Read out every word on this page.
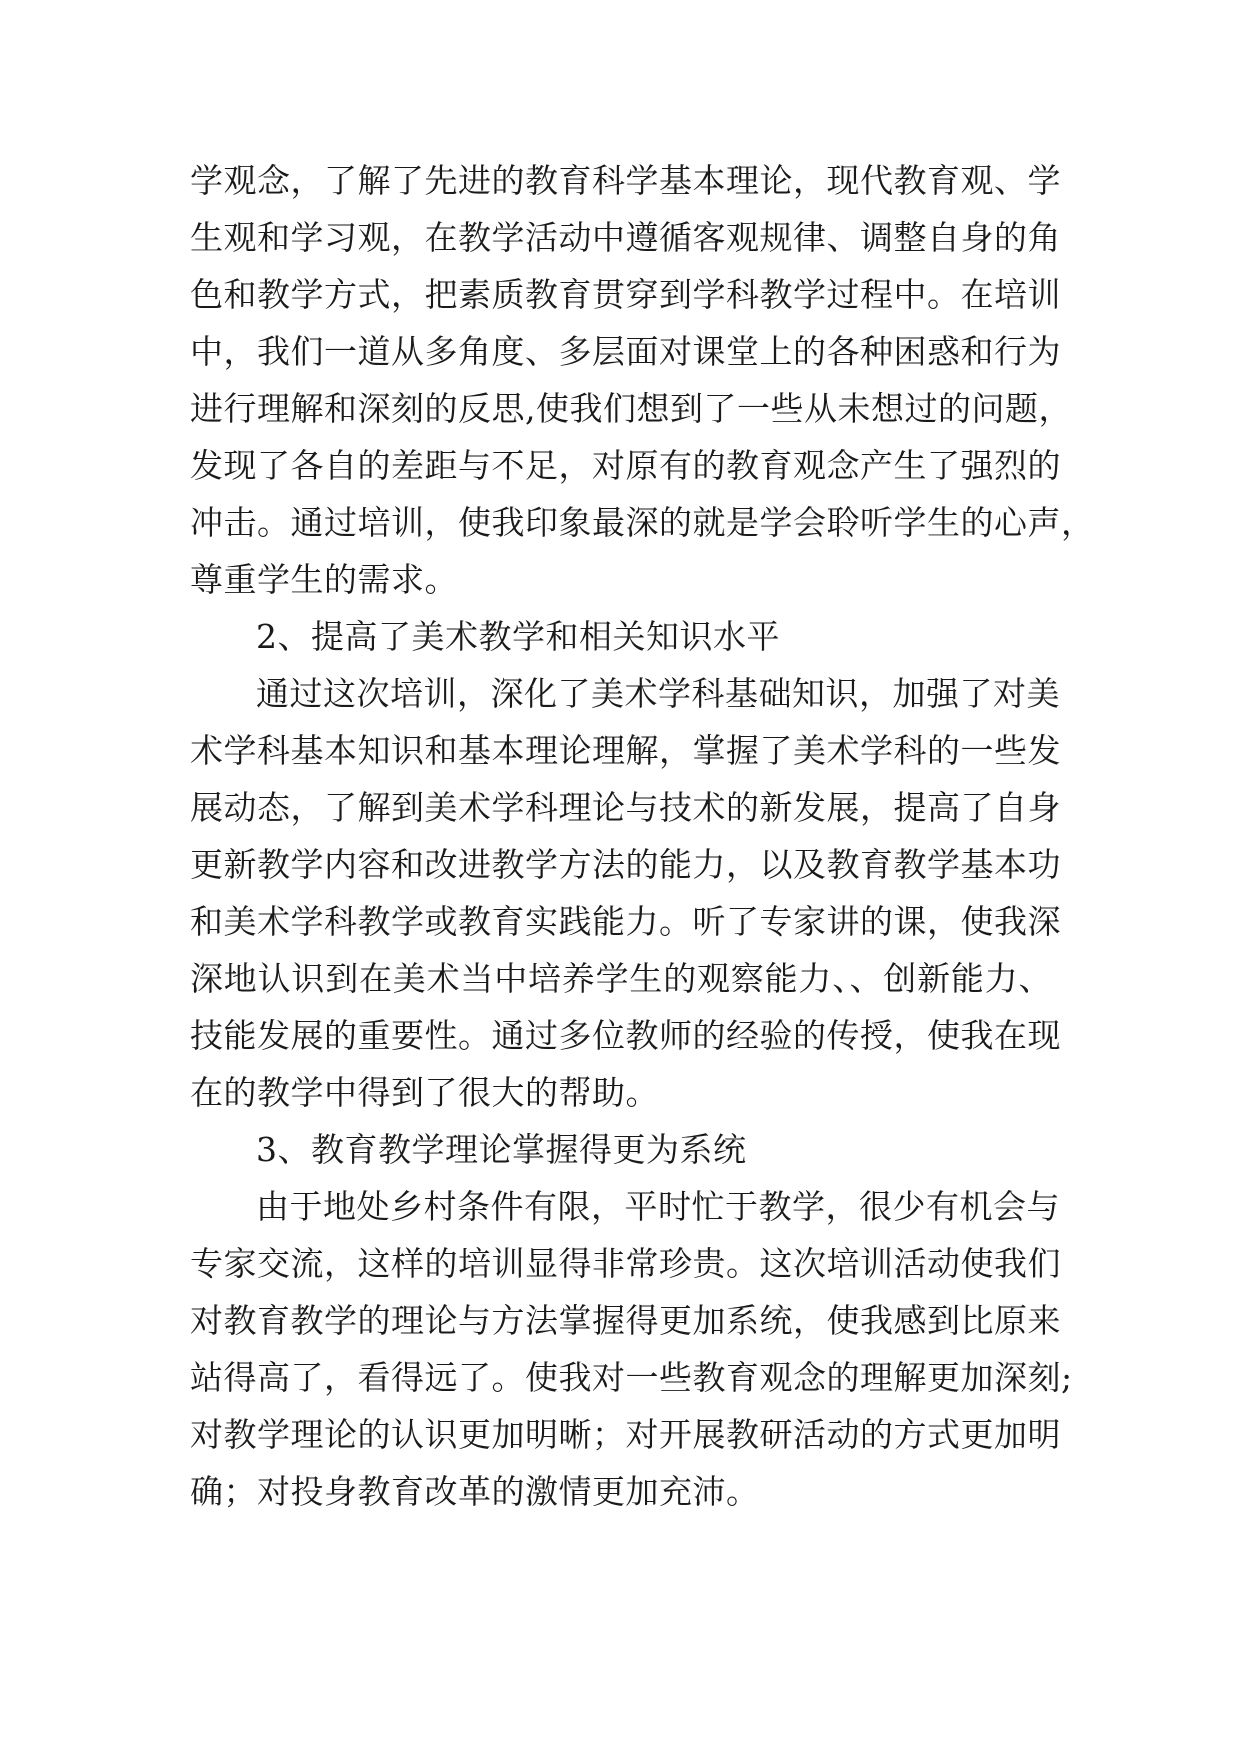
学观念，了解了先进的教育科学基本理论，现代教育观、学
生观和学习观，在教学活动中遵循客观规律、调整自身的角
色和教学方式，把素质教育贯穿到学科教学过程中。在培训
中，我们一道从多角度、多层面对课堂上的各种困惑和行为
进行理解和深刻的反思,使我们想到了一些从未想过的问题，
发现了各自的差距与不足，对原有的教育观念产生了强烈的
冲击。通过培训，使我印象最深的就是学会聆听学生的心声，
尊重学生的需求。
2、提高了美术教学和相关知识水平
通过这次培训，深化了美术学科基础知识，加强了对美
术学科基本知识和基本理论理解，掌握了美术学科的一些发
展动态，了解到美术学科理论与技术的新发展，提高了自身
更新教学内容和改进教学方法的能力，以及教育教学基本功
和美术学科教学或教育实践能力。听了专家讲的课，使我深
深地认识到在美术当中培养学生的观察能力、、创新能力、
技能发展的重要性。通过多位教师的经验的传授，使我在现
在的教学中得到了很大的帮助。
3、教育教学理论掌握得更为系统
由于地处乡村条件有限，平时忙于教学，很少有机会与
专家交流，这样的培训显得非常珍贵。这次培训活动使我们
对教育教学的理论与方法掌握得更加系统，使我感到比原来
站得高了，看得远了。使我对一些教育观念的理解更加深刻;
对教学理论的认识更加明晰；对开展教研活动的方式更加明
确；对投身教育改革的激情更加充沛。
